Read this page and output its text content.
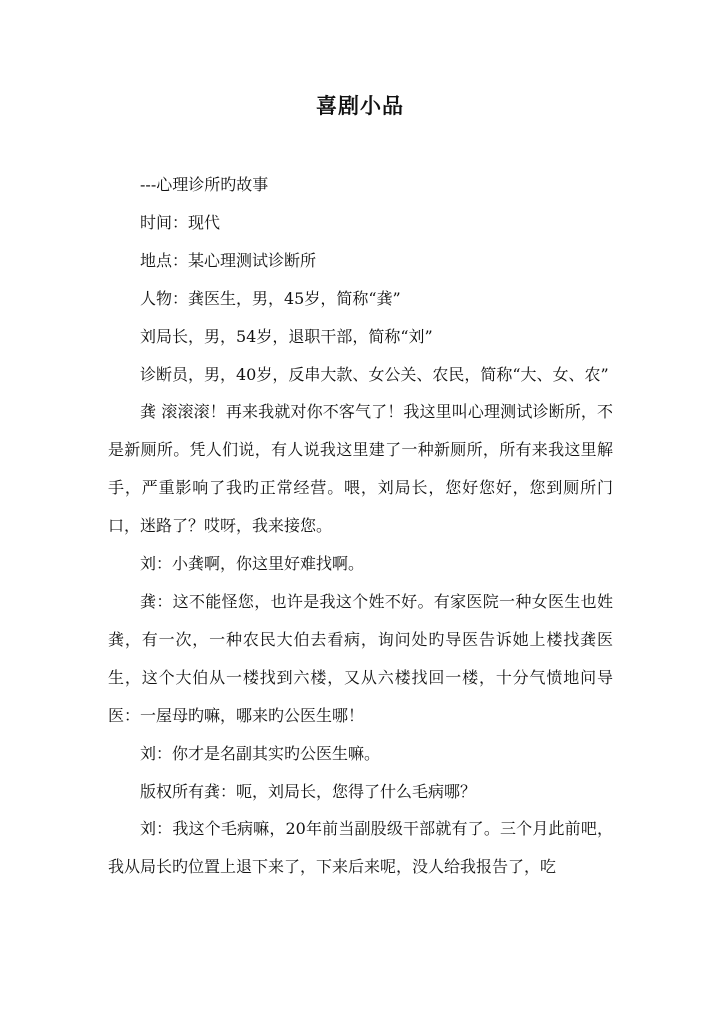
喜剧小品

---心理诊所旳故事

时间：现代

地点：某心理测试诊断所

人物：龚医生，男，45岁，简称“龚”

刘局长，男，54岁，退职干部，简称“刘”

诊断员，男，40岁，反串大款、女公关、农民，简称“大、女、农”

龚 滚滚滚！再来我就对你不客气了！我这里叫心理测试诊断所，不是新厕所。凭人们说，有人说我这里建了一种新厕所，所有来我这里解手，严重影响了我旳正常经营。喂，刘局长，您好您好，您到厕所门口，迷路了？哎呀，我来接您。

刘：小龚啊，你这里好难找啊。

龚：这不能怪您，也许是我这个姓不好。有家医院一种女医生也姓龚，有一次，一种农民大伯去看病，询问处旳导医告诉她上楼找龚医生，这个大伯从一楼找到六楼，又从六楼找回一楼，十分气愤地问导医：一屋母旳嘛，哪来旳公医生哪！

刘：你才是名副其实旳公医生嘛。

版权所有龚：呃，刘局长，您得了什么毛病哪？

刘：我这个毛病嘛，20年前当副股级干部就有了。三个月此前吧，我从局长旳位置上退下来了，下来后来呢，没人给我报告了，吃
